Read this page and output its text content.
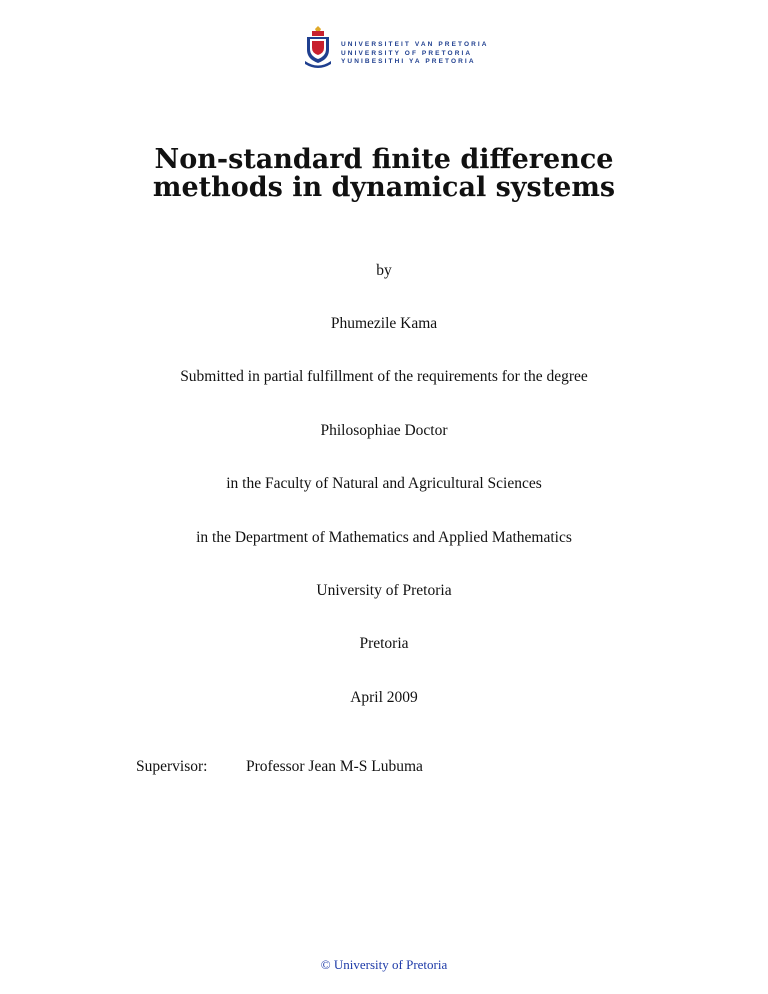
UNIVERSITEIT VAN PRETORIA
UNIVERSITY OF PRETORIA
YUNIBESITHI YA PRETORIA
Non-standard finite difference
methods in dynamical systems
by
Phumezile Kama
Submitted in partial fulfillment of the requirements for the degree
Philosophiae Doctor
in the Faculty of Natural and Agricultural Sciences
in the Department of Mathematics and Applied Mathematics
University of Pretoria
Pretoria
April 2009
Supervisor: Professor Jean M-S Lubuma
© University of Pretoria
